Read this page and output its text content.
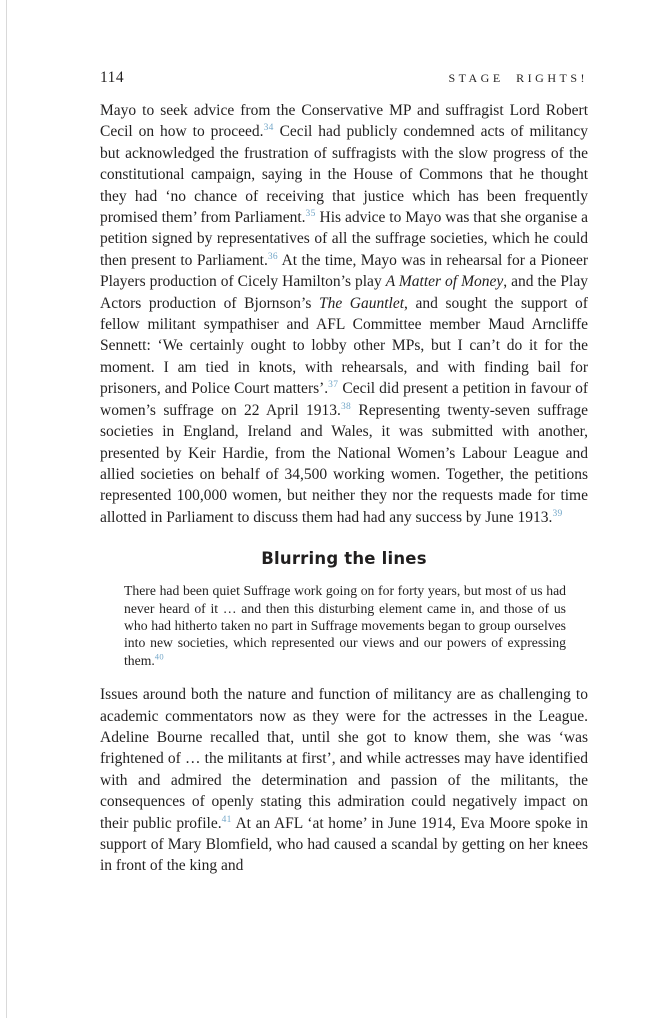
114	Stage Rights!

Mayo to seek advice from the Conservative MP and suffragist Lord Robert Cecil on how to proceed.$^{34}$ Cecil had publicly condemned acts of militancy but acknowledged the frustration of suffragists with the slow progress of the constitutional campaign, saying in the House of Commons that he thought they had ‘no chance of receiving that justice which has been frequently promised them’ from Parliament.$^{35}$ His advice to Mayo was that she organise a petition signed by representatives of all the suffrage societies, which he could then present to Parliament.$^{36}$ At the time, Mayo was in rehearsal for a Pioneer Players production of Cicely Hamilton’s play A Matter of Money, and the Play Actors production of Bjornson’s The Gauntlet, and sought the support of fellow militant sympathiser and AFL Committee member Maud Arncliffe Sennett: ‘We certainly ought to lobby other MPs, but I can’t do it for the moment. I am tied in knots, with rehearsals, and with finding bail for prisoners, and Police Court matters’.$^{37}$ Cecil did present a petition in favour of women’s suffrage on 22 April 1913.38 Representing twenty-seven suffrage societies in England, Ireland and Wales, it was submitted with another, presented by Keir Hardie, from the National Women’s Labour League and allied societies on behalf of 34,500 working women. Together, the petitions represented 100,000 women, but neither they nor the requests made for time allotted in Parliament to discuss them had had any success by June 1913.39

Blurring the lines
There had been quiet Suffrage work going on for forty years, but most of us had never heard of it … and then this disturbing element came in, and those of us who had hitherto taken no part in Suffrage movements began to group ourselves into new societies, which represented our views and our powers of expressing them.$^{40}$

Issues around both the nature and function of militancy are as challenging to academic commentators now as they were for the actresses in the League. Adeline Bourne recalled that, until she got to know them, she was ‘was frightened of … the militants at first’, and while actresses may have identified with and admired the determination and passion of the militants, the consequences of openly stating this admiration could negatively impact on their public profile.$^{41}$ At an AFL ‘at home’ in June 1914, Eva Moore spoke in support of Mary Blomfield, who had caused a scandal by getting on her knees in front of the king and
